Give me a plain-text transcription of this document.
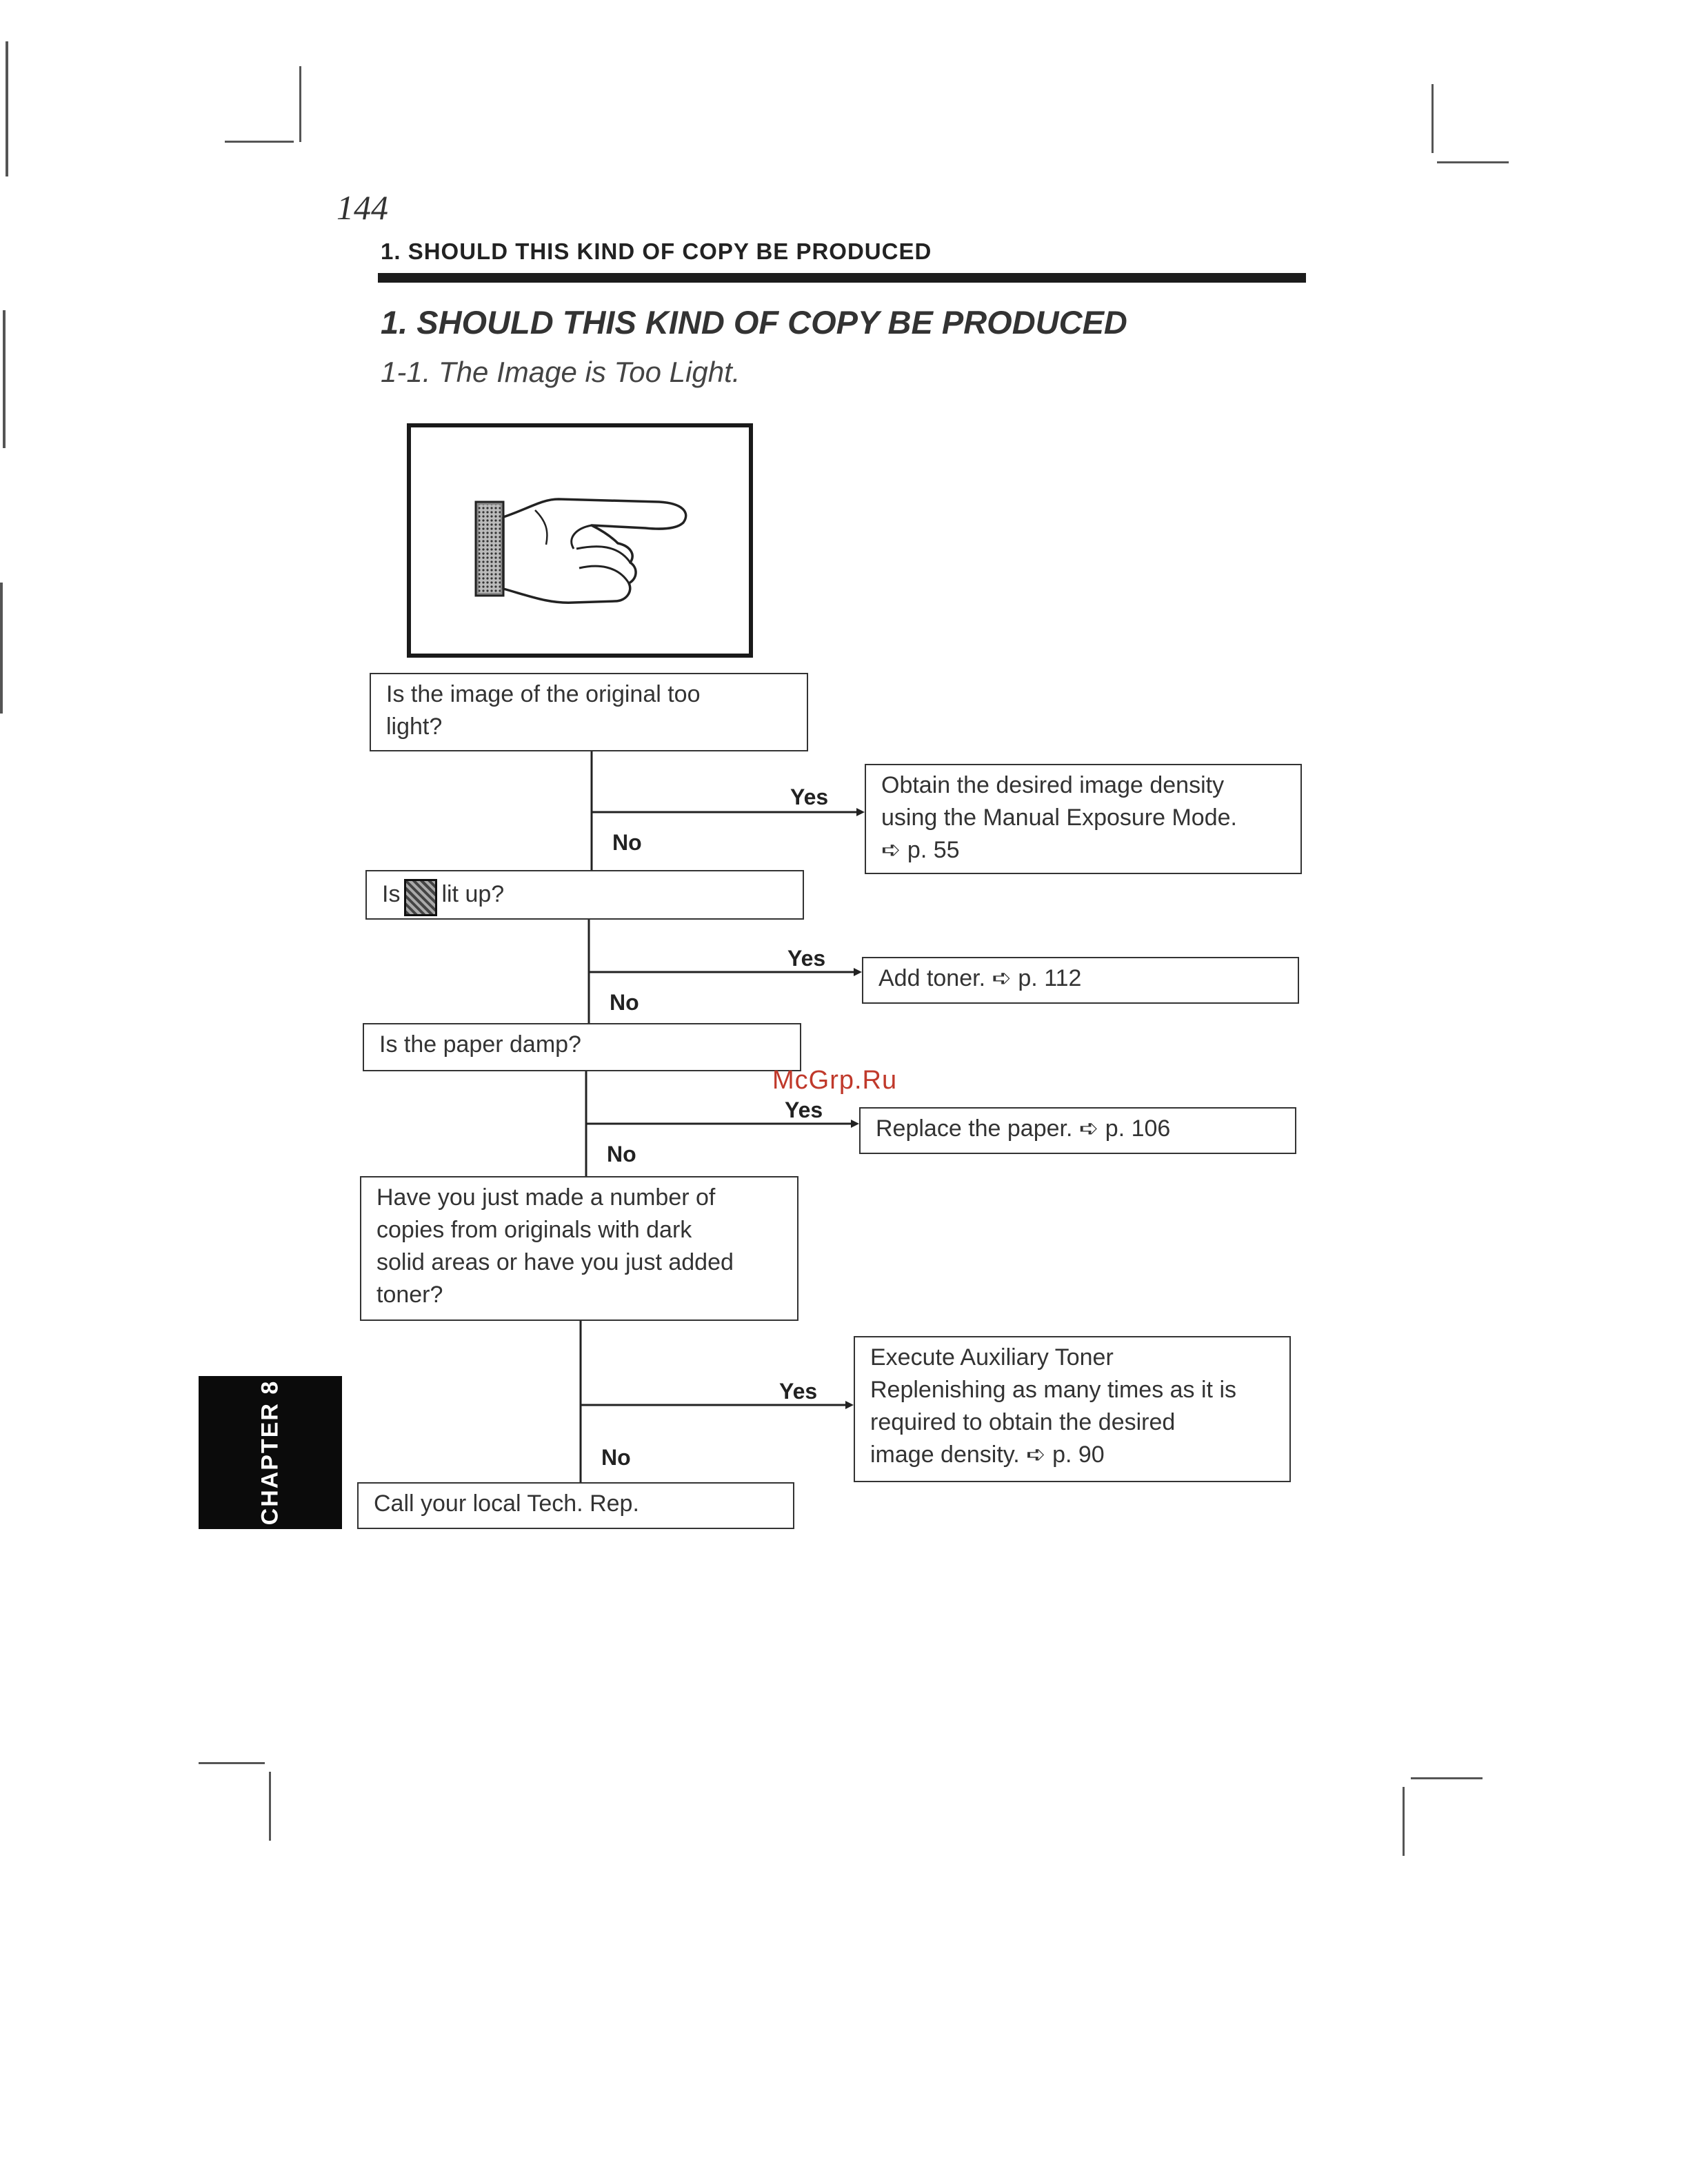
144
1. SHOULD THIS KIND OF COPY BE PRODUCED
1. SHOULD THIS KIND OF COPY BE PRODUCED
1-1. The Image is Too Light.
Is the image of the original too
light?
Is lit up?
Is the paper damp?
Have you just made a number of
copies from originals with dark
solid areas or have you just added
toner?
Call your local Tech. Rep.
Obtain the desired image density
using the Manual Exposure Mode.
➪ p. 55
Add toner. ➪ p. 112
Replace the paper. ➪ p. 106
Execute Auxiliary Toner
Replenishing as many times as it is
required to obtain the desired
image density. ➪ p. 90
Yes
No
Yes
No
Yes
No
Yes
No
McGrp.Ru
CHAPTER 8
